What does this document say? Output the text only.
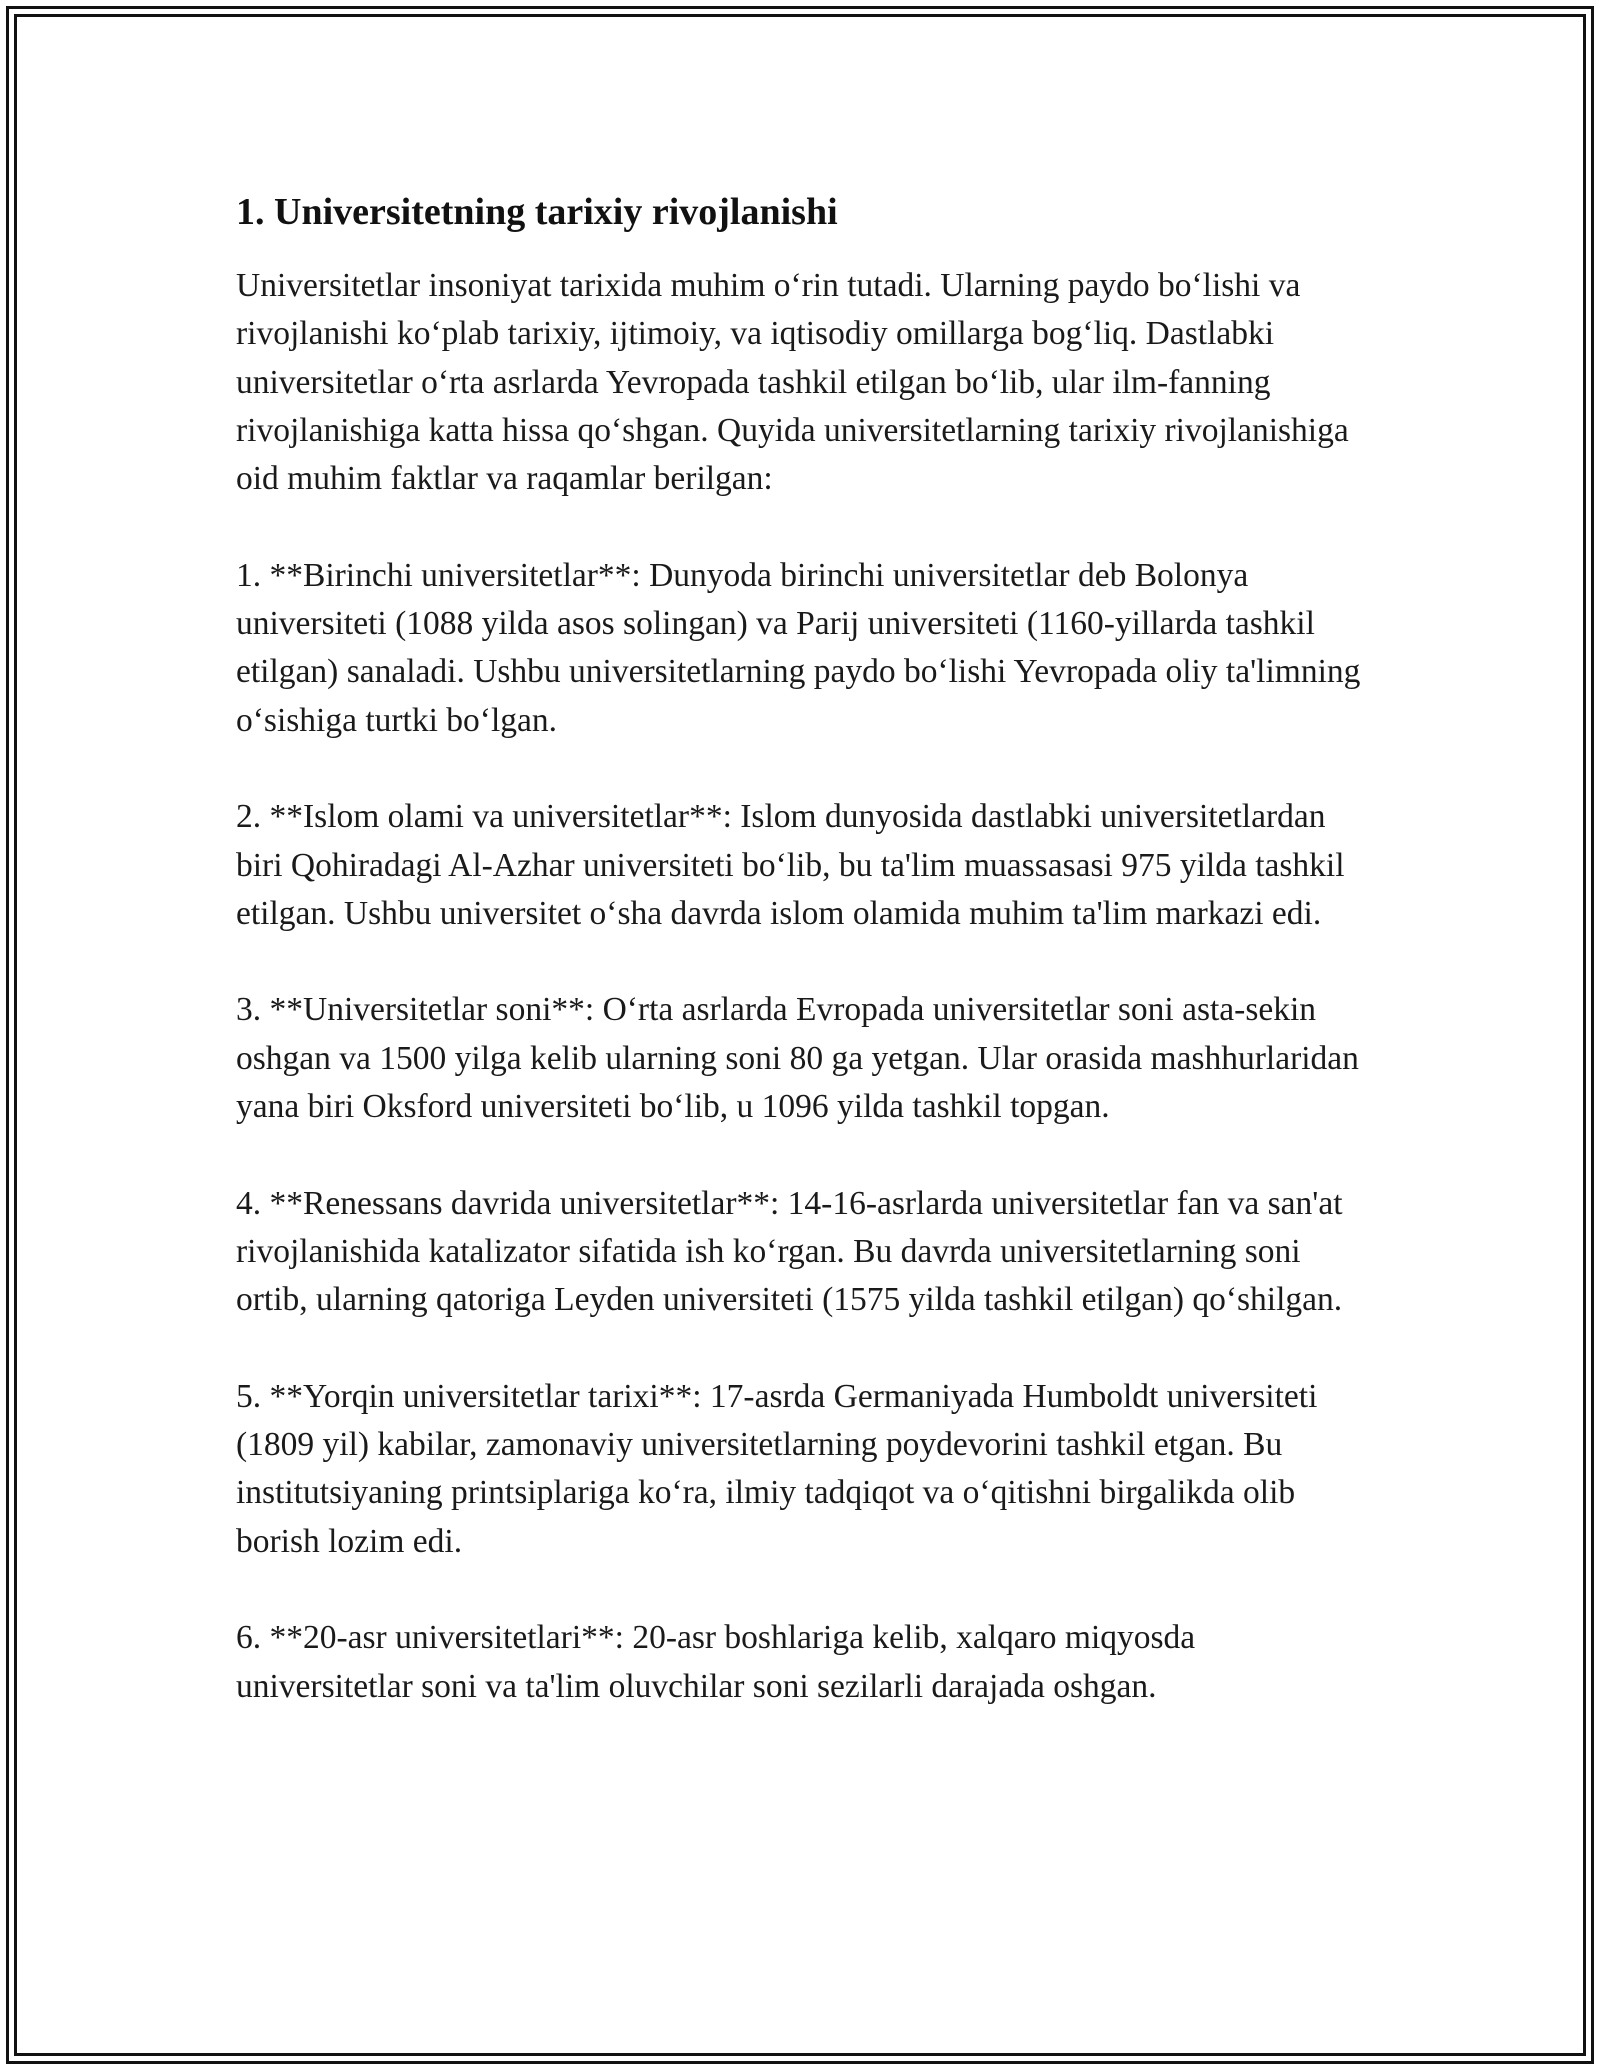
1. Universitetning tarixiy rivojlanishi

Universitetlar insoniyat tarixida muhim o‘rin tutadi. Ularning paydo bo‘lishi va rivojlanishi ko‘plab tarixiy, ijtimoiy, va iqtisodiy omillarga bog‘liq. Dastlabki universitetlar o‘rta asrlarda Yevropada tashkil etilgan bo‘lib, ular ilm-fanning rivojlanishiga katta hissa qo‘shgan. Quyida universitetlarning tarixiy rivojlanishiga oid muhim faktlar va raqamlar berilgan:

1. **Birinchi universitetlar**: Dunyoda birinchi universitetlar deb Bolonya universiteti (1088 yilda asos solingan) va Parij universiteti (1160-yillarda tashkil etilgan) sanaladi. Ushbu universitetlarning paydo bo‘lishi Yevropada oliy ta'limning o‘sishiga turtki bo‘lgan.

2. **Islom olami va universitetlar**: Islom dunyosida dastlabki universitetlardan biri Qohiradagi Al-Azhar universiteti bo‘lib, bu ta'lim muassasasi 975 yilda tashkil etilgan. Ushbu universitet o‘sha davrda islom olamida muhim ta'lim markazi edi.

3. **Universitetlar soni**: O‘rta asrlarda Evropada universitetlar soni asta-sekin oshgan va 1500 yilga kelib ularning soni 80 ga yetgan. Ular orasida mashhurlaridan yana biri Oksford universiteti bo‘lib, u 1096 yilda tashkil topgan.

4. **Renessans davrida universitetlar**: 14-16-asrlarda universitetlar fan va san'at rivojlanishida katalizator sifatida ish ko‘rgan. Bu davrda universitetlarning soni ortib, ularning qatoriga Leyden universiteti (1575 yilda tashkil etilgan) qo‘shilgan.

5. **Yorqin universitetlar tarixi**: 17-asrda Germaniyada Humboldt universiteti (1809 yil) kabilar, zamonaviy universitetlarning poydevorini tashkil etgan. Bu institutsiyaning printsiplariga ko‘ra, ilmiy tadqiqot va o‘qitishni birgalikda olib borish lozim edi.

6. **20-asr universitetlari**: 20-asr boshlariga kelib, xalqaro miqyosda universitetlar soni va ta'lim oluvchilar soni sezilarli darajada oshgan.
